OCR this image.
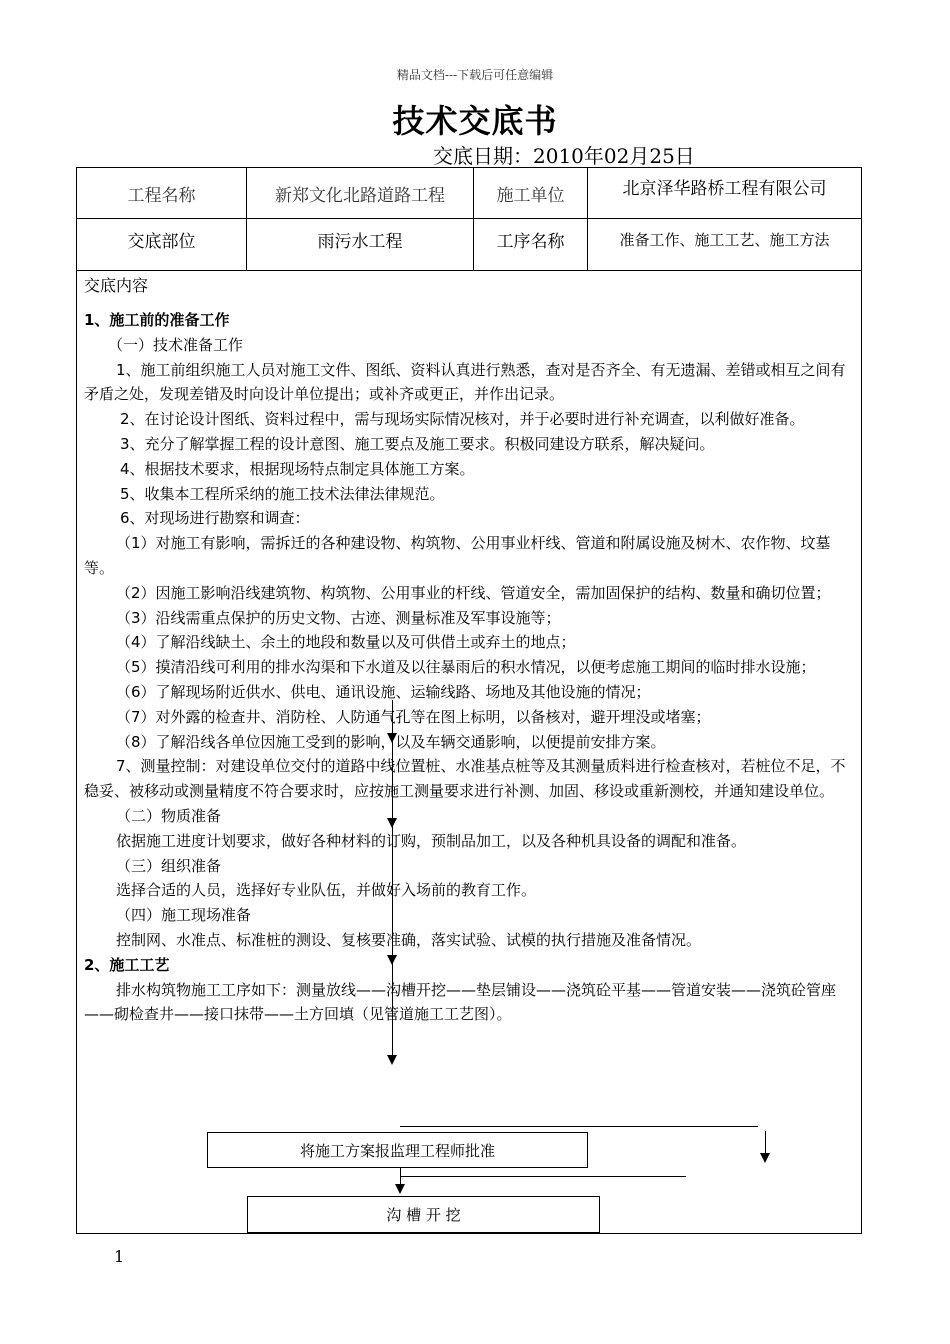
精品文档---下载后可任意编辑
技术交底书
交底日期：2010年02月25日
工程名称	新郑文化北路道路工程	施工单位	北京泽华路桥工程有限公司
交底部位	雨污水工程	工序名称	准备工作、施工工艺、施工方法

交底内容

1、施工前的准备工作

（一）技术准备工作

1、施工前组织施工人员对施工文件、图纸、资料认真进行熟悉，查对是否齐全、有无遗漏、差错或相互之间有矛盾之处，发现差错及时向设计单位提出；或补齐或更正，并作出记录。

2、在讨论设计图纸、资料过程中，需与现场实际情况核对，并于必要时进行补充调查，以利做好准备。

3、充分了解掌握工程的设计意图、施工要点及施工要求。积极同建设方联系，解决疑问。

4、根据技术要求，根据现场特点制定具体施工方案。

5、收集本工程所采纳的施工技术法律法律规范。

6、对现场进行勘察和调查：

（1）对施工有影响，需拆迁的各种建设物、构筑物、公用事业杆线、管道和附属设施及树木、农作物、坟墓等。

（2）因施工影响沿线建筑物、构筑物、公用事业的杆线、管道安全，需加固保护的结构、数量和确切位置；

（3）沿线需重点保护的历史文物、古迹、测量标准及军事设施等；

（4）了解沿线缺土、余土的地段和数量以及可供借土或弃土的地点；

（5）摸清沿线可利用的排水沟渠和下水道及以往暴雨后的积水情况，以便考虑施工期间的临时排水设施；

（6）了解现场附近供水、供电、通讯设施、运输线路、场地及其他设施的情况；

（7）对外露的检查井、消防栓、人防通气孔等在图上标明，以备核对，避开埋没或堵塞；

（8）了解沿线各单位因施工受到的影响，以及车辆交通影响，以便提前安排方案。

7、测量控制：对建设单位交付的道路中线位置桩、水准基点桩等及其测量质料进行检查核对，若桩位不足，不稳妥、被移动或测量精度不符合要求时，应按施工测量要求进行补测、加固、移设或重新测校，并通知建设单位。

（二）物质准备

依据施工进度计划要求，做好各种材料的订购，预制品加工，以及各种机具设备的调配和准备。

（三）组织准备

选择合适的人员，选择好专业队伍，并做好入场前的教育工作。

（四）施工现场准备

控制网、水准点、标准桩的测设、复核要准确，落实试验、试模的执行措施及准备情况。

2、施工工艺

排水构筑物施工工序如下：测量放线——沟槽开挖——垫层铺设——浇筑砼平基——管道安装——浇筑砼管座——砌检查井——接口抹带——土方回填（见管道施工工艺图）。

将施工方案报监理工程师批准
沟 槽 开 挖
1
